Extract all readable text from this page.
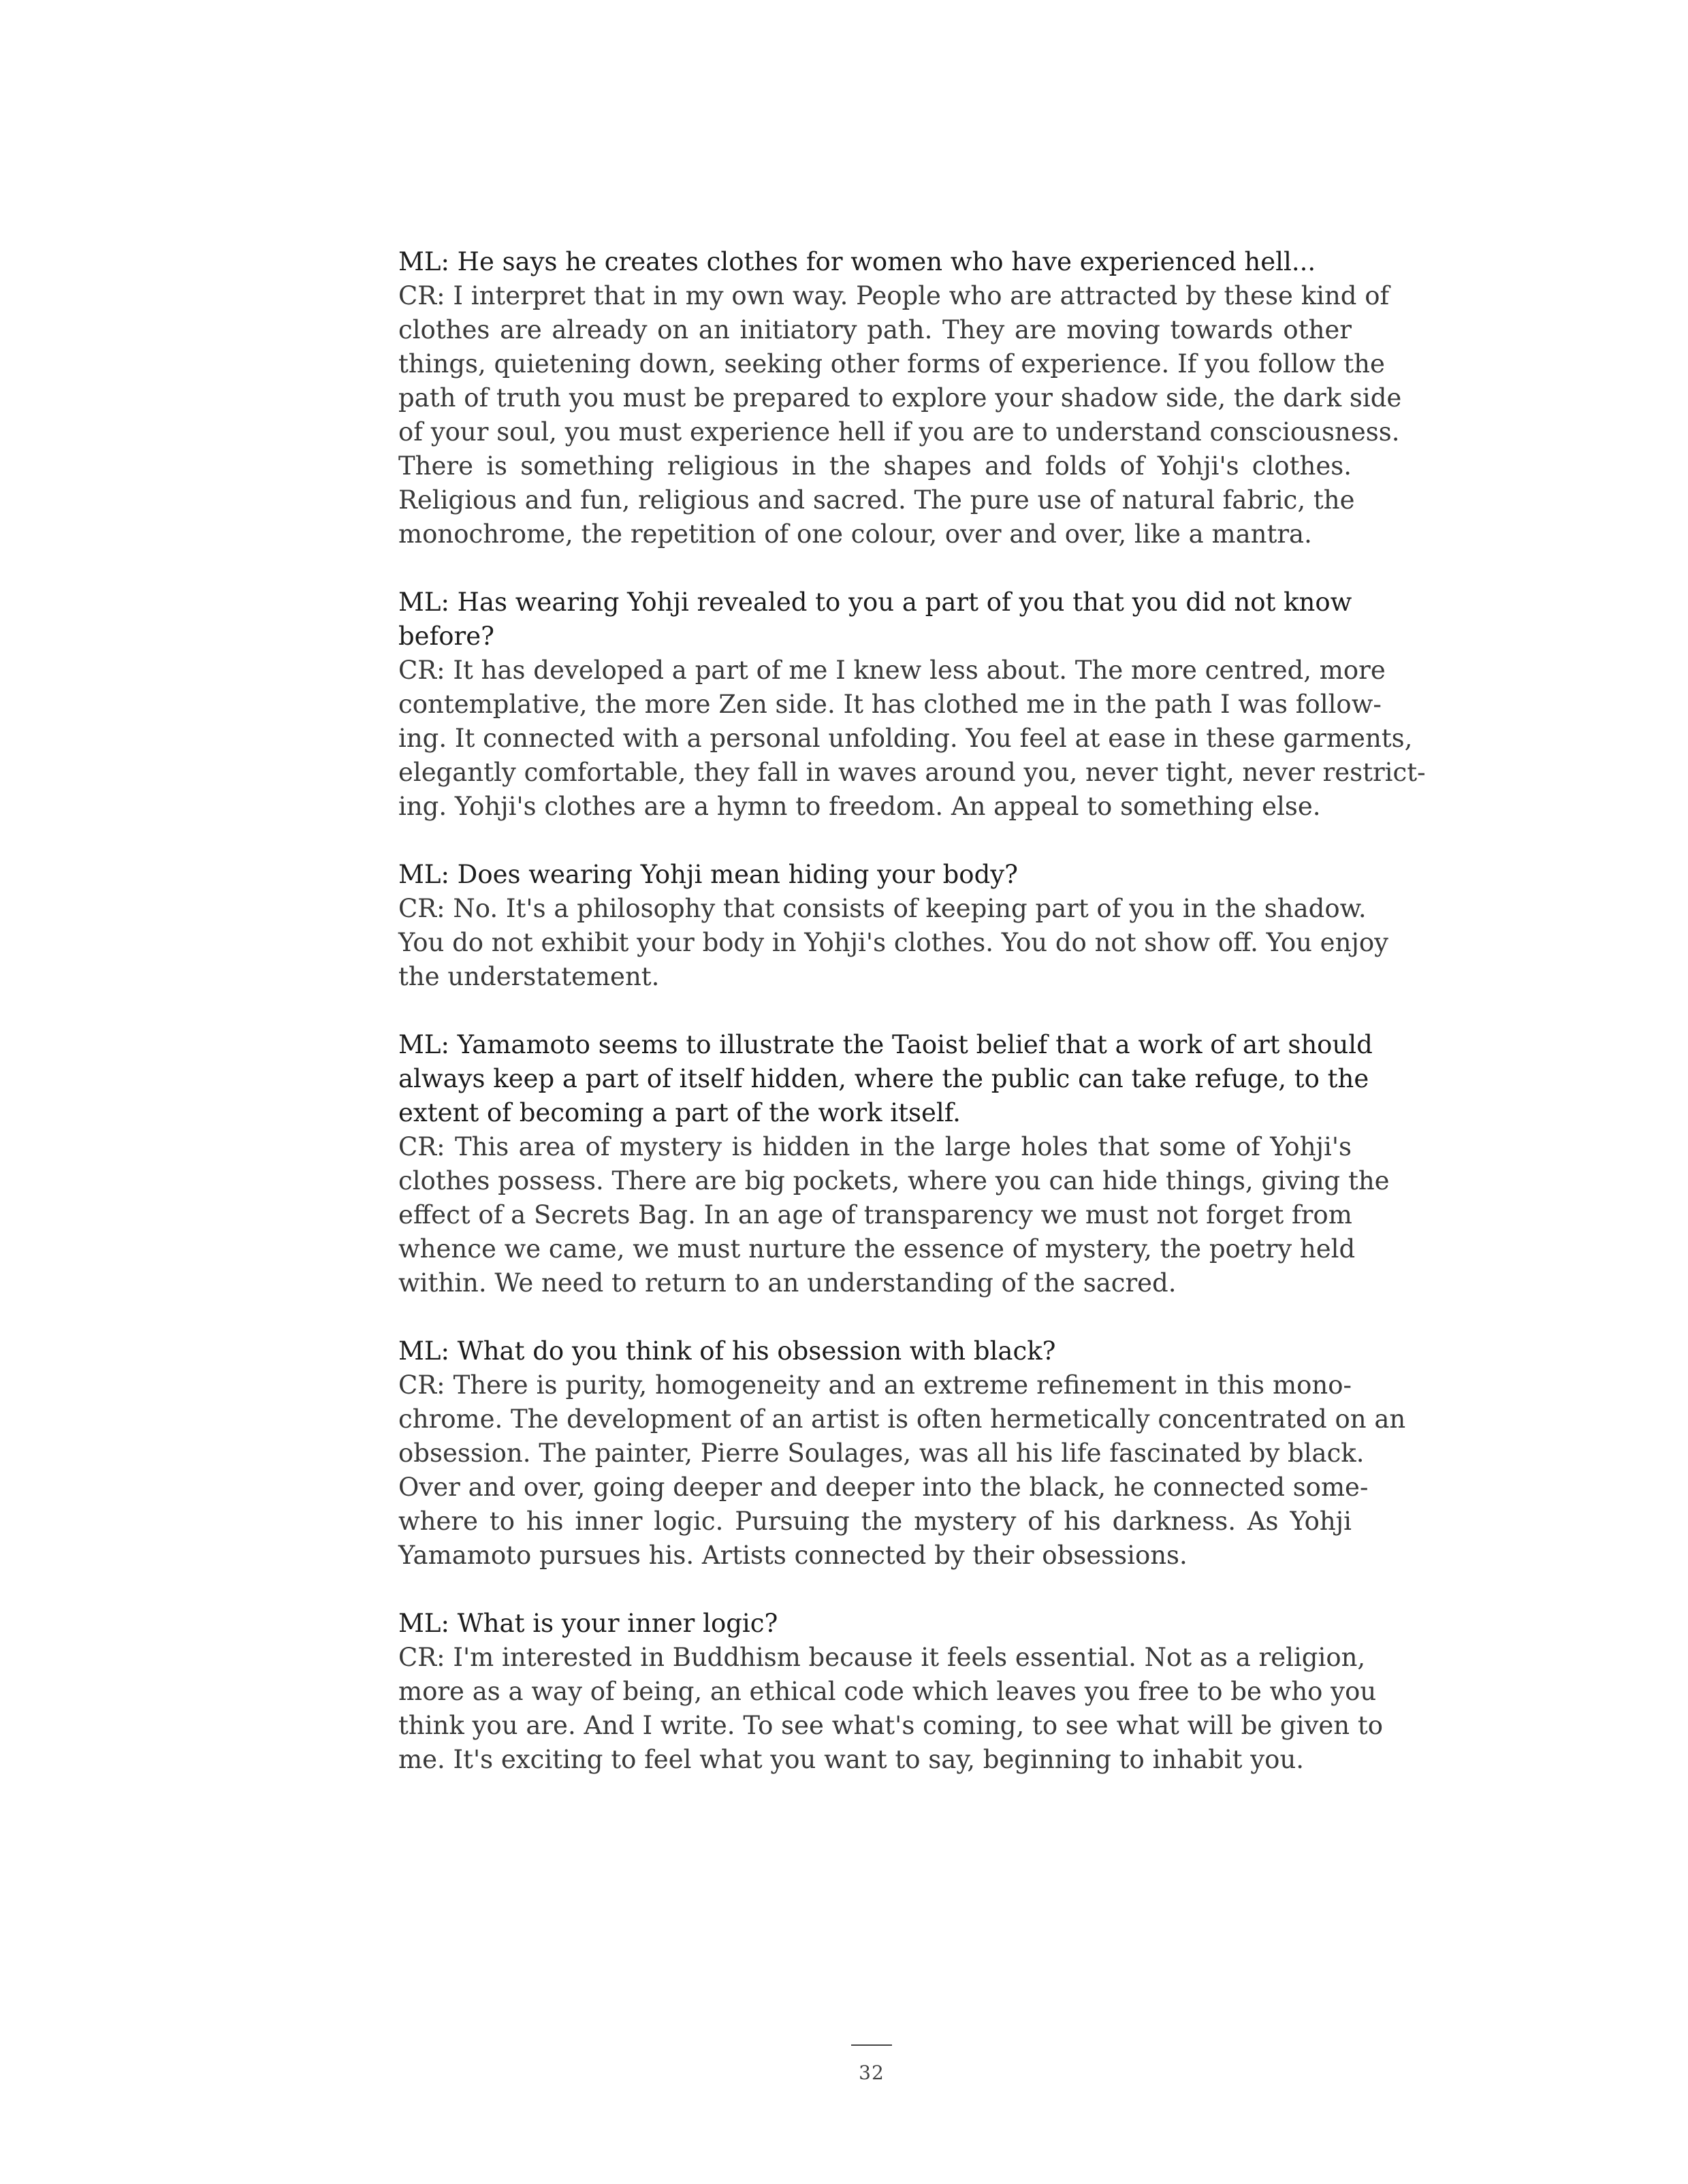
ML: He says he creates clothes for women who have experienced hell...
CR: I interpret that in my own way. People who are attracted by these kind of
clothes are already on an initiatory path. They are moving towards other
things, quietening down, seeking other forms of experience. If you follow the
path of truth you must be prepared to explore your shadow side, the dark side
of your soul, you must experience hell if you are to understand consciousness.
There is something religious in the shapes and folds of Yohji's clothes.
Religious and fun, religious and sacred. The pure use of natural fabric, the
monochrome, the repetition of one colour, over and over, like a mantra.
ML: Has wearing Yohji revealed to you a part of you that you did not know
before?
CR: It has developed a part of me I knew less about. The more centred, more
contemplative, the more Zen side. It has clothed me in the path I was follow-
ing. It connected with a personal unfolding. You feel at ease in these garments,
elegantly comfortable, they fall in waves around you, never tight, never restrict-
ing. Yohji's clothes are a hymn to freedom. An appeal to something else.
ML: Does wearing Yohji mean hiding your body?
CR: No. It's a philosophy that consists of keeping part of you in the shadow.
You do not exhibit your body in Yohji's clothes. You do not show off. You enjoy
the understatement.
ML: Yamamoto seems to illustrate the Taoist belief that a work of art should
always keep a part of itself hidden, where the public can take refuge, to the
extent of becoming a part of the work itself.
CR: This area of mystery is hidden in the large holes that some of Yohji's
clothes possess. There are big pockets, where you can hide things, giving the
effect of a Secrets Bag. In an age of transparency we must not forget from
whence we came, we must nurture the essence of mystery, the poetry held
within. We need to return to an understanding of the sacred.
ML: What do you think of his obsession with black?
CR: There is purity, homogeneity and an extreme refinement in this mono-
chrome. The development of an artist is often hermetically concentrated on an
obsession. The painter, Pierre Soulages, was all his life fascinated by black.
Over and over, going deeper and deeper into the black, he connected some-
where to his inner logic. Pursuing the mystery of his darkness. As Yohji
Yamamoto pursues his. Artists connected by their obsessions.
ML: What is your inner logic?
CR: I'm interested in Buddhism because it feels essential. Not as a religion,
more as a way of being, an ethical code which leaves you free to be who you
think you are. And I write. To see what's coming, to see what will be given to
me. It's exciting to feel what you want to say, beginning to inhabit you.
32
